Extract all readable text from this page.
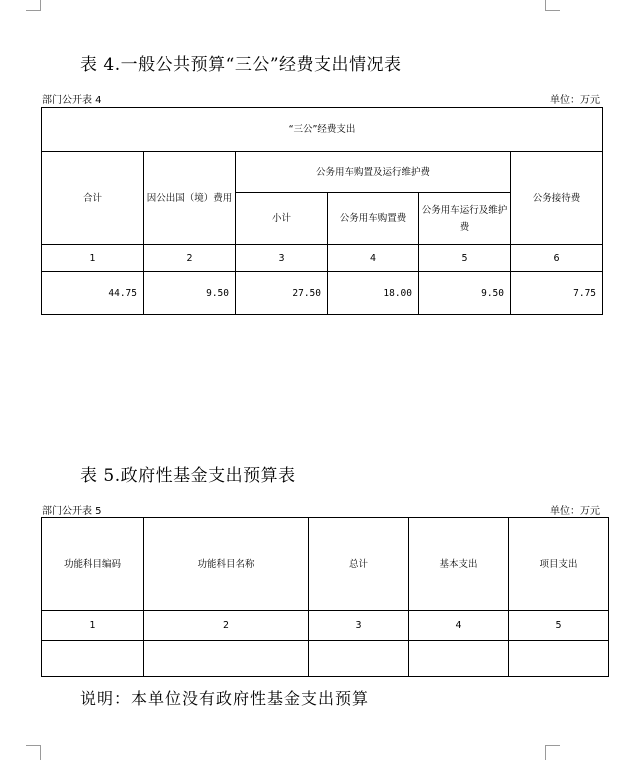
表 4.一般公共预算“三公”经费支出情况表
部门公开表 4	单位：万元
“三公”经费支出					
合计	因公出国（境）费用	公务用车购置及运行维护费			公务接待费
		小计	公务用车购置费	公务用车运行及维护费	
1	2	3	4	5	6
44.75	9.50	27.50	18.00	9.50	7.75
表 5.政府性基金支出预算表
部门公开表 5	单位：万元
功能科目编码	功能科目名称	总计	基本支出	项目支出
1	2	3	4	5

说明：本单位没有政府性基金支出预算
